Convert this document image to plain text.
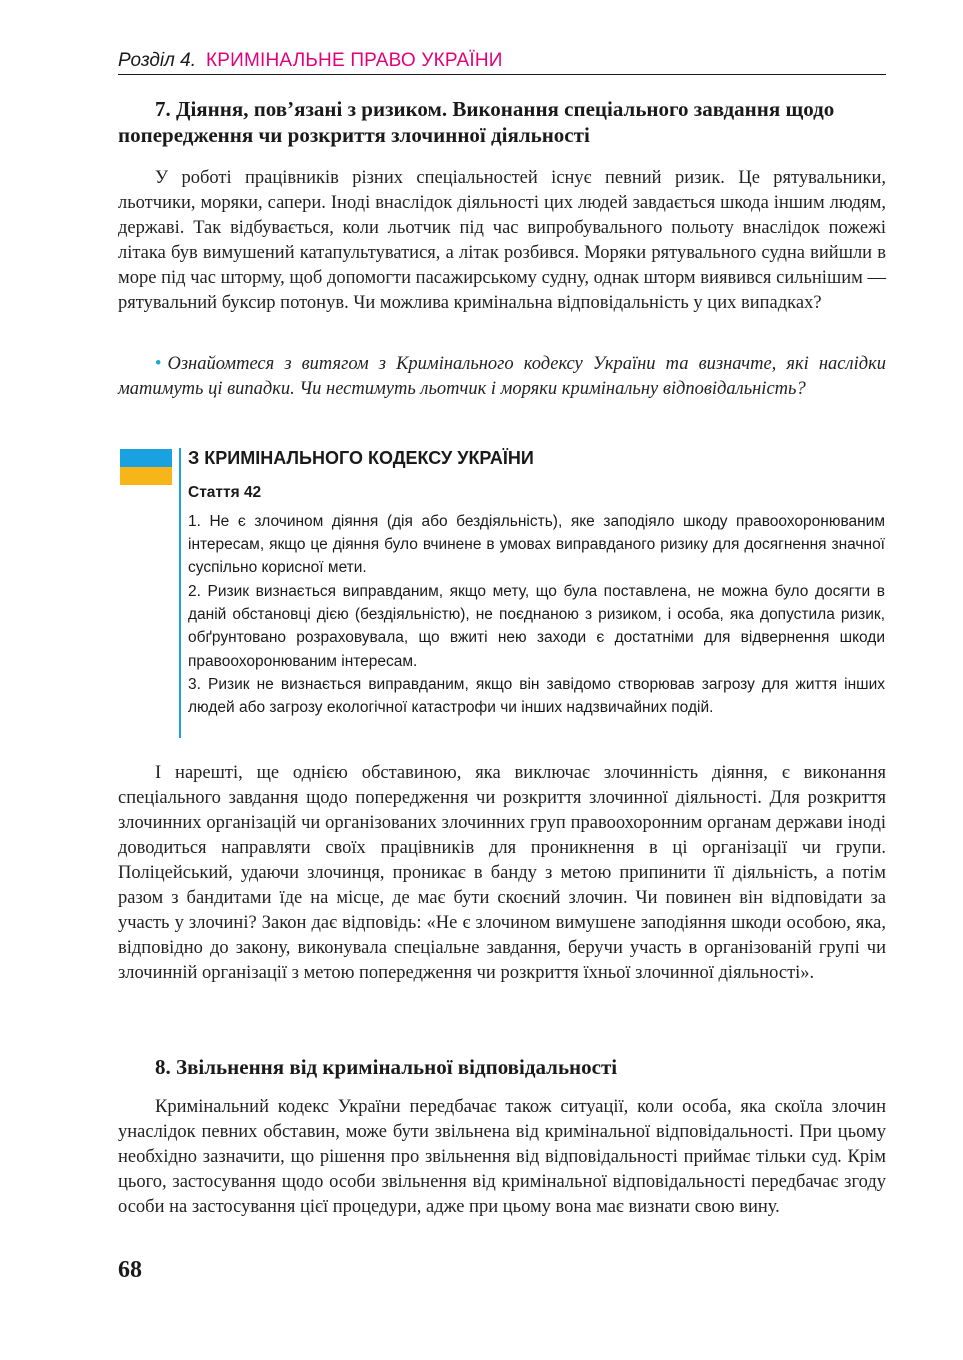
Розділ 4. КРИМІНАЛЬНЕ ПРАВО УКРАЇНИ
7. Діяння, пов’язані з ризиком. Виконання спеціального завдання щодо попередження чи розкриття злочинної діяльності

У роботі працівників різних спеціальностей існує певний ризик. Це рятувальники, льотчики, моряки, сапери. Іноді внаслідок діяльності цих людей завдається шкода іншим людям, державі. Так відбувається, коли льотчик під час випробувального польоту внаслідок пожежі літака був вимушений катапультуватися, а літак розбився. Моряки рятувального судна вийшли в море під час шторму, щоб допомогти пасажирському судну, однак шторм виявився сильнішим — рятувальний буксир потонув. Чи можлива кримінальна відповідальність у цих випадках?

• Ознайомтеся з витягом з Кримінального кодексу України та визначте, які наслідки матимуть ці випадки. Чи нестимуть льотчик і моряки кримінальну відповідальність?

З КРИМІНАЛЬНОГО КОДЕКСУ УКРАЇНИ
Стаття 42

1. Не є злочином діяння (дія або бездіяльність), яке заподіяло шкоду правоохоронюваним інтересам, якщо це діяння було вчинене в умовах виправданого ризику для досягнення значної суспільно корисної мети.

2. Ризик визнається виправданим, якщо мету, що була поставлена, не можна було досягти в даній обстановці дією (бездіяльністю), не поєднаною з ризиком, і особа, яка допустила ризик, обґрунтовано розраховувала, що вжиті нею заходи є достатніми для відвернення шкоди правоохоронюваним інтересам.

3. Ризик не визнається виправданим, якщо він завідомо створював загрозу для життя інших людей або загрозу екологічної катастрофи чи інших надзвичайних подій.

І нарешті, ще однією обставиною, яка виключає злочинність діяння, є виконання спеціального завдання щодо попередження чи розкриття злочинної діяльності. Для розкриття злочинних організацій чи організованих злочинних груп правоохоронним органам держави іноді доводиться направляти своїх працівників для проникнення в ці організації чи групи. Поліцейський, удаючи злочинця, проникає в банду з метою припинити її діяльність, а потім разом з бандитами їде на місце, де має бути скоєний злочин. Чи повинен він відповідати за участь у злочині? Закон дає відповідь: «Не є злочином вимушене заподіяння шкоди особою, яка, відповідно до закону, виконувала спеціальне завдання, беручи участь в організованій групі чи злочинній організації з метою попередження чи розкриття їхньої злочинної діяльності».

8. Звільнення від кримінальної відповідальності

Кримінальний кодекс України передбачає також ситуації, коли особа, яка скоїла злочин унаслідок певних обставин, може бути звільнена від кримінальної відповідальності. При цьому необхідно зазначити, що рішення про звільнення від відповідальності приймає тільки суд. Крім цього, застосування щодо особи звільнення від кримінальної відповідальності передбачає згоду особи на застосування цієї процедури, адже при цьому вона має визнати свою вину.

68
